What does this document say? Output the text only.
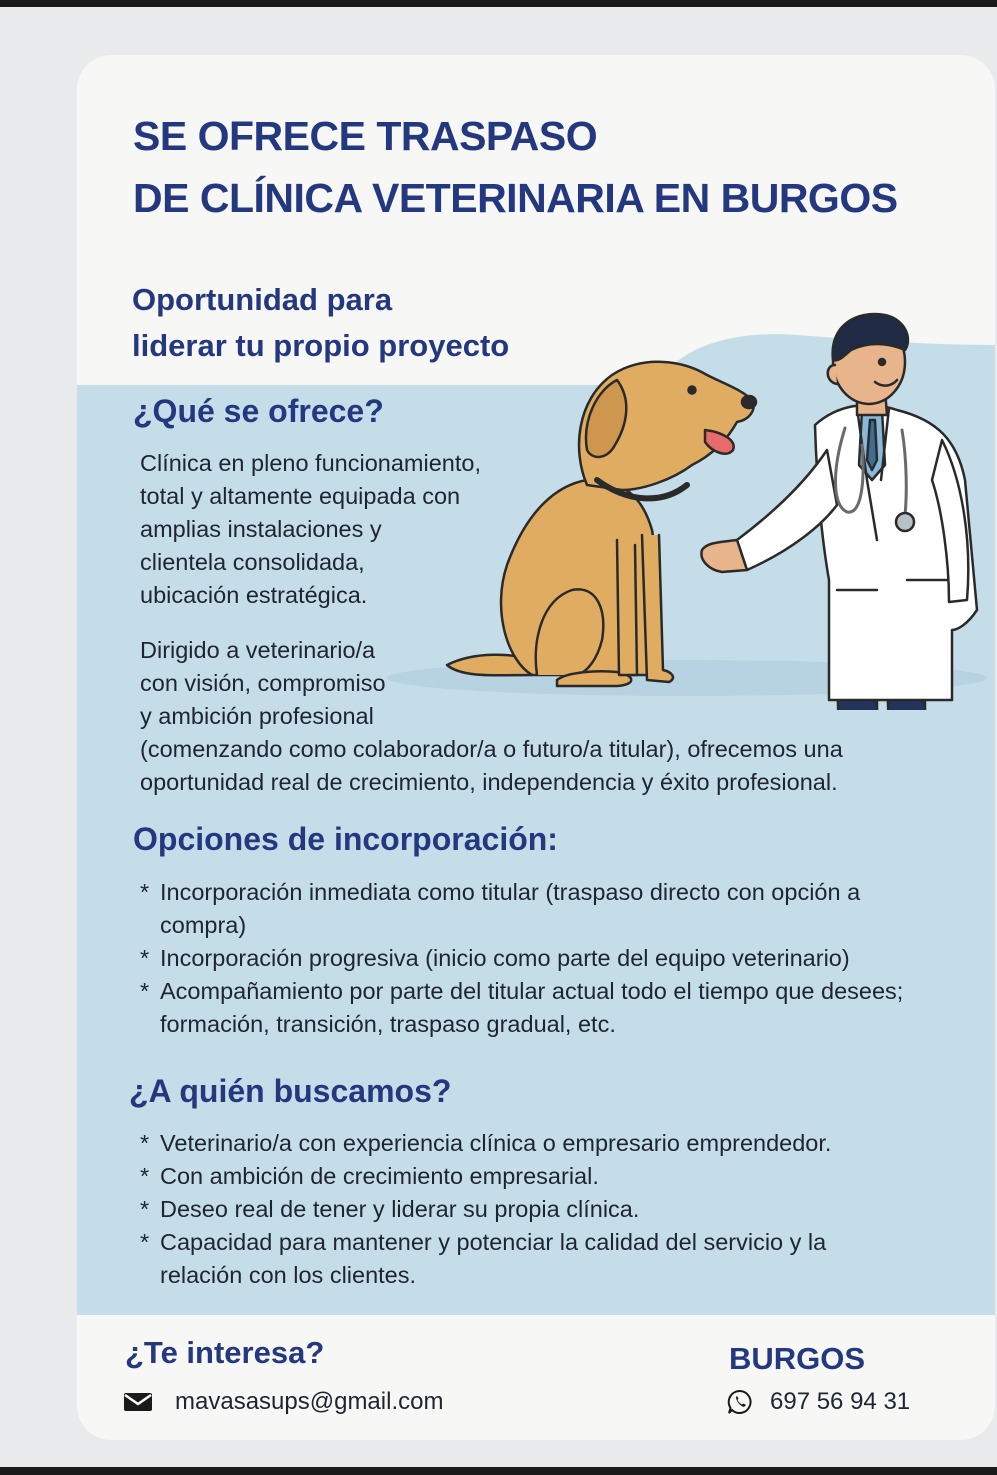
SE OFRECE TRASPASO
DE CLÍNICA VETERINARIA EN BURGOS
Oportunidad para
liderar tu propio proyecto
¿Qué se ofrece?

Clínica en pleno funcionamiento,
total y altamente equipada con
amplias instalaciones y
clientela consolidada,
ubicación estratégica.

Dirigido a veterinario/a
con visión, compromiso
y ambición profesional
(comenzando como colaborador/a o futuro/a titular), ofrecemos una
oportunidad real de crecimiento, independencia y éxito profesional.

Opciones de incorporación:
* Incorporación inmediata como titular (traspaso directo con opción a compra)
* Incorporación progresiva (inicio como parte del equipo veterinario)
* Acompañamiento por parte del titular actual todo el tiempo que desees; formación, transición, traspaso gradual, etc.
¿A quién buscamos?
* Veterinario/a con experiencia clínica o empresario emprendedor.
* Con ambición de crecimiento empresarial.
* Deseo real de tener y liderar su propia clínica.
* Capacidad para mantener y potenciar la calidad del servicio y la relación con los clientes.
¿Te interesa?
mavasasups@gmail.com
BURGOS
697 56 94 31
